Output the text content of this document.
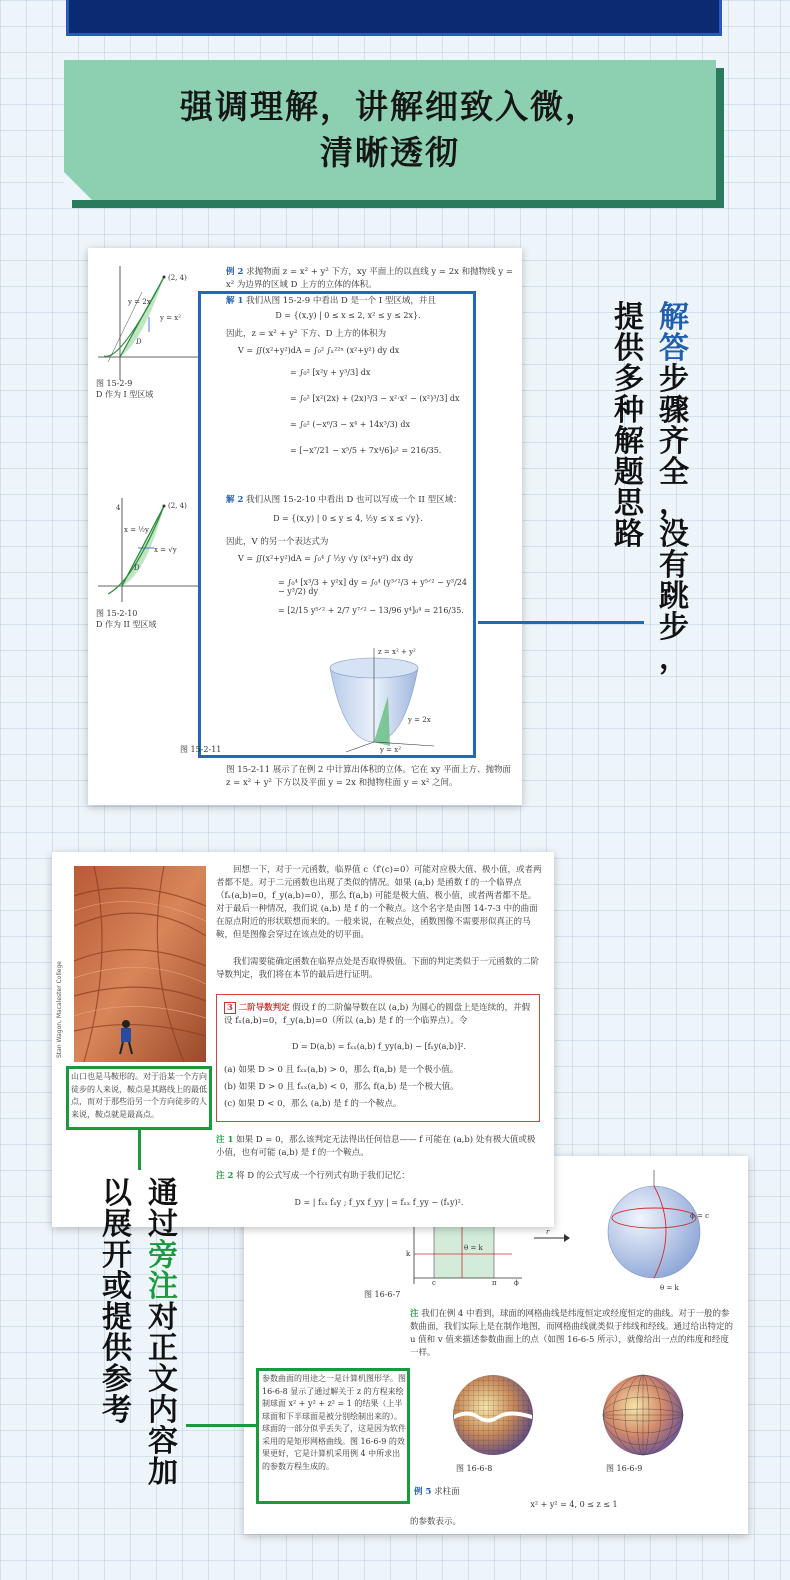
强调理解，讲解细致入微，
清晰透彻
(2, 4)
y = 2x
y = x²
D
图 15-2-9
D 作为 I 型区域
(2, 4)
4
x = ½y
x = √y
D
图 15-2-10
D 作为 II 型区域
例 2 求抛物面 z = x² + y² 下方，xy 平面上的以直线 y = 2x 和抛物线 y = x² 为边界的区域 D 上方的立体的体积。
解 1 我们从图 15-2-9 中看出 D 是一个 I 型区域，并且
D = {(x,y) | 0 ≤ x ≤ 2, x² ≤ y ≤ 2x}.
因此，z = x² + y² 下方、D 上方的体积为
V = ∬(x²+y²)dA = ∫₀² ∫ₓ²²ˣ (x²+y²) dy dx
= ∫₀² [x²y + y³/3] dx
= ∫₀² [x²(2x) + (2x)³/3 − x²·x² − (x²)³/3] dx
= ∫₀² (−x⁶/3 − x⁴ + 14x³/3) dx
= [−x⁷/21 − x⁵/5 + 7x⁴/6]₀² = 216/35.
解 2 我们从图 15-2-10 中看出 D 也可以写成一个 II 型区域：
D = {(x,y) | 0 ≤ y ≤ 4, ½y ≤ x ≤ √y}.
因此，V 的另一个表达式为
V = ∬(x²+y²)dA = ∫₀⁴ ∫ ½y √y (x²+y²) dx dy
= ∫₀⁴ [x³/3 + y²x] dy = ∫₀⁴ (y³ᐟ²/3 + y⁵ᐟ² − y³/24 − y³/2) dy
= [2/15 y⁵ᐟ² + 2/7 y⁷ᐟ² − 13/96 y⁴]₀⁴ = 216/35.
z = x² + y²
y = 2x
y = x²
图 15-2-11
图 15-2-11 展示了在例 2 中计算出体积的立体。它在 xy 平面上方、抛物面 z = x² + y² 下方以及平面 y = 2x 和抛物柱面 y = x² 之间。
解
答
步
骤
齐
全
，
没
有
跳
步
，
提供多种解题思路
θ = k
k
c	π ϕ
r
ϕ = c
θ = k
图 16-6-7
注 我们在例 4 中看到，球面的网格曲线是纬度恒定或经度恒定的曲线。对于一般的参数曲面，我们实际上是在制作地图，而网格曲线就类似于纬线和经线。通过给出特定的 u 值和 v 值来描述参数曲面上的点（如图 16-6-5 所示），就像给出一点的纬度和经度一样。
参数曲面的用途之一是计算机图形学。图 16-6-8 显示了通过解关于 z 的方程来绘制球面 x² + y² + z² = 1 的结果（上半球面和下半球面是被分别绘制出来的）。球面的一部分似乎丢失了，这是因为软件采用的是矩形网格曲线。图 16-6-9 的效果更好，它是计算机采用例 4 中所求出的参数方程生成的。	图 16-6-8	图 16-6-9
例 5 求柱面
x² + y² = 4, 0 ≤ z ≤ 1
的参数表示。
Stan Wagon, Macalester College
山口也是马鞍形的。对于沿某一个方向徒步的人来说，鞍点是其路线上的最低点，而对于那些沿另一个方向徒步的人来说，鞍点就是最高点。
回想一下，对于一元函数，临界值 c（f′(c)=0）可能对应极大值、极小值，或者两者都不是。对于二元函数也出现了类似的情况。如果 (a,b) 是函数 f 的一个临界点（fₓ(a,b)=0，f_y(a,b)=0），那么 f(a,b) 可能是极大值、极小值，或者两者都不是。对于最后一种情况，我们说 (a,b) 是 f 的一个鞍点。这个名字是由图 14-7-3 中的曲面在原点附近的形状联想而来的。一般来说，在鞍点处，函数图像不需要形似真正的马鞍，但是图像会穿过在该点处的切平面。
我们需要能确定函数在临界点处是否取得极值。下面的判定类似于一元函数的二阶导数判定，我们将在本节的最后进行证明。
3 二阶导数判定 假设 f 的二阶偏导数在以 (a,b) 为圆心的圆盘上是连续的，并假设 fₓ(a,b)=0，f_y(a,b)=0（所以 (a,b) 是 f 的一个临界点）。令
D = D(a,b) = fₓₓ(a,b) f_yy(a,b) − [fₓy(a,b)]².
(a) 如果 D > 0 且 fₓₓ(a,b) > 0，那么 f(a,b) 是一个极小值。
(b) 如果 D > 0 且 fₓₓ(a,b) < 0，那么 f(a,b) 是一个极大值。
(c) 如果 D < 0，那么 (a,b) 是 f 的一个鞍点。
注 1 如果 D = 0，那么该判定无法得出任何信息—— f 可能在 (a,b) 处有极大值或极小值，也有可能 (a,b) 是 f 的一个鞍点。
注 2 将 D 的公式写成一个行列式有助于我们记忆：
D = | fₓₓ fₓy ; f_yx f_yy | = fₓₓ f_yy − (fₓy)².
通
过
旁
注
对
正
文
内
容
加
以展开或提供参考
